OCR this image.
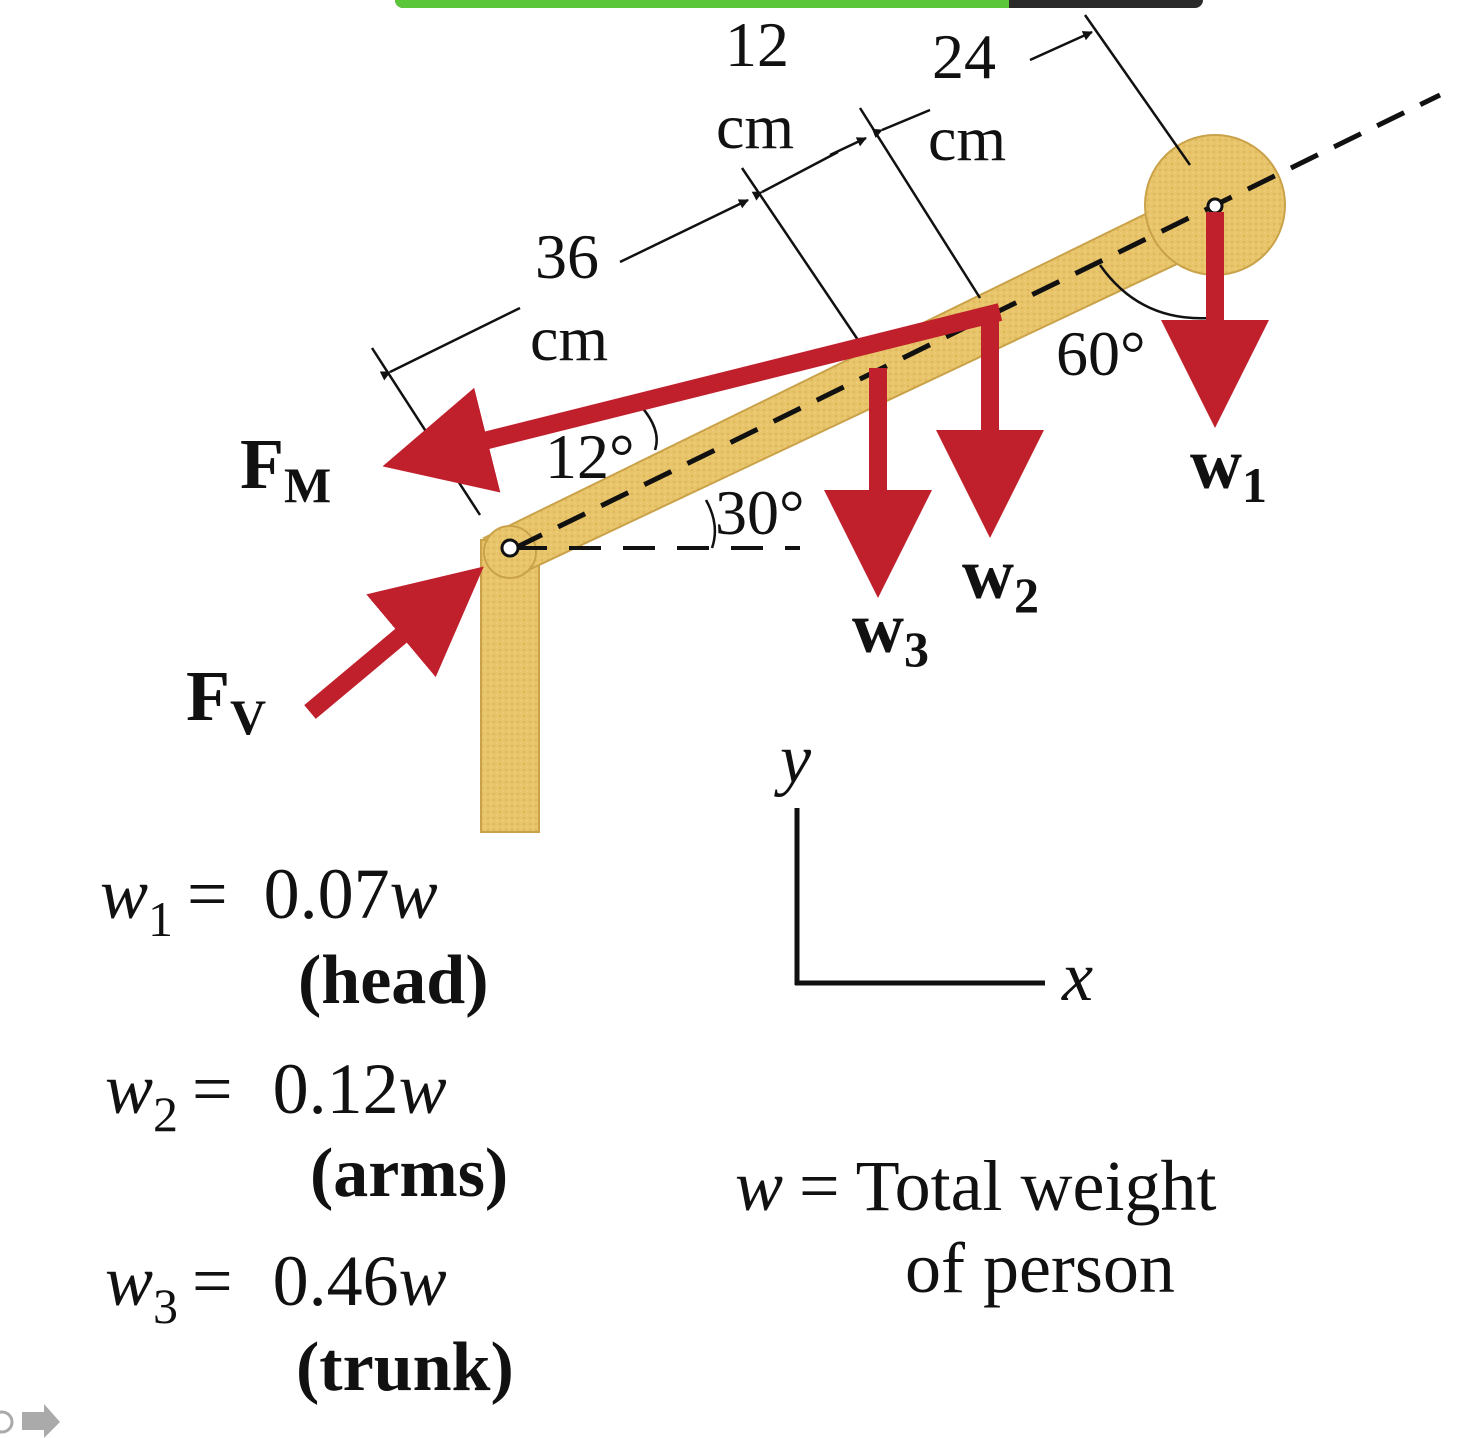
36
cm
12
cm
24
cm
12°
30°
60°
FM
FV
w1
w2
w3
y
x
$w_1 = 0.07w$
(head)
$w_2 = 0.12w$
(arms)
$w_3 = 0.46w$
(trunk)
w = Total weight
of person
